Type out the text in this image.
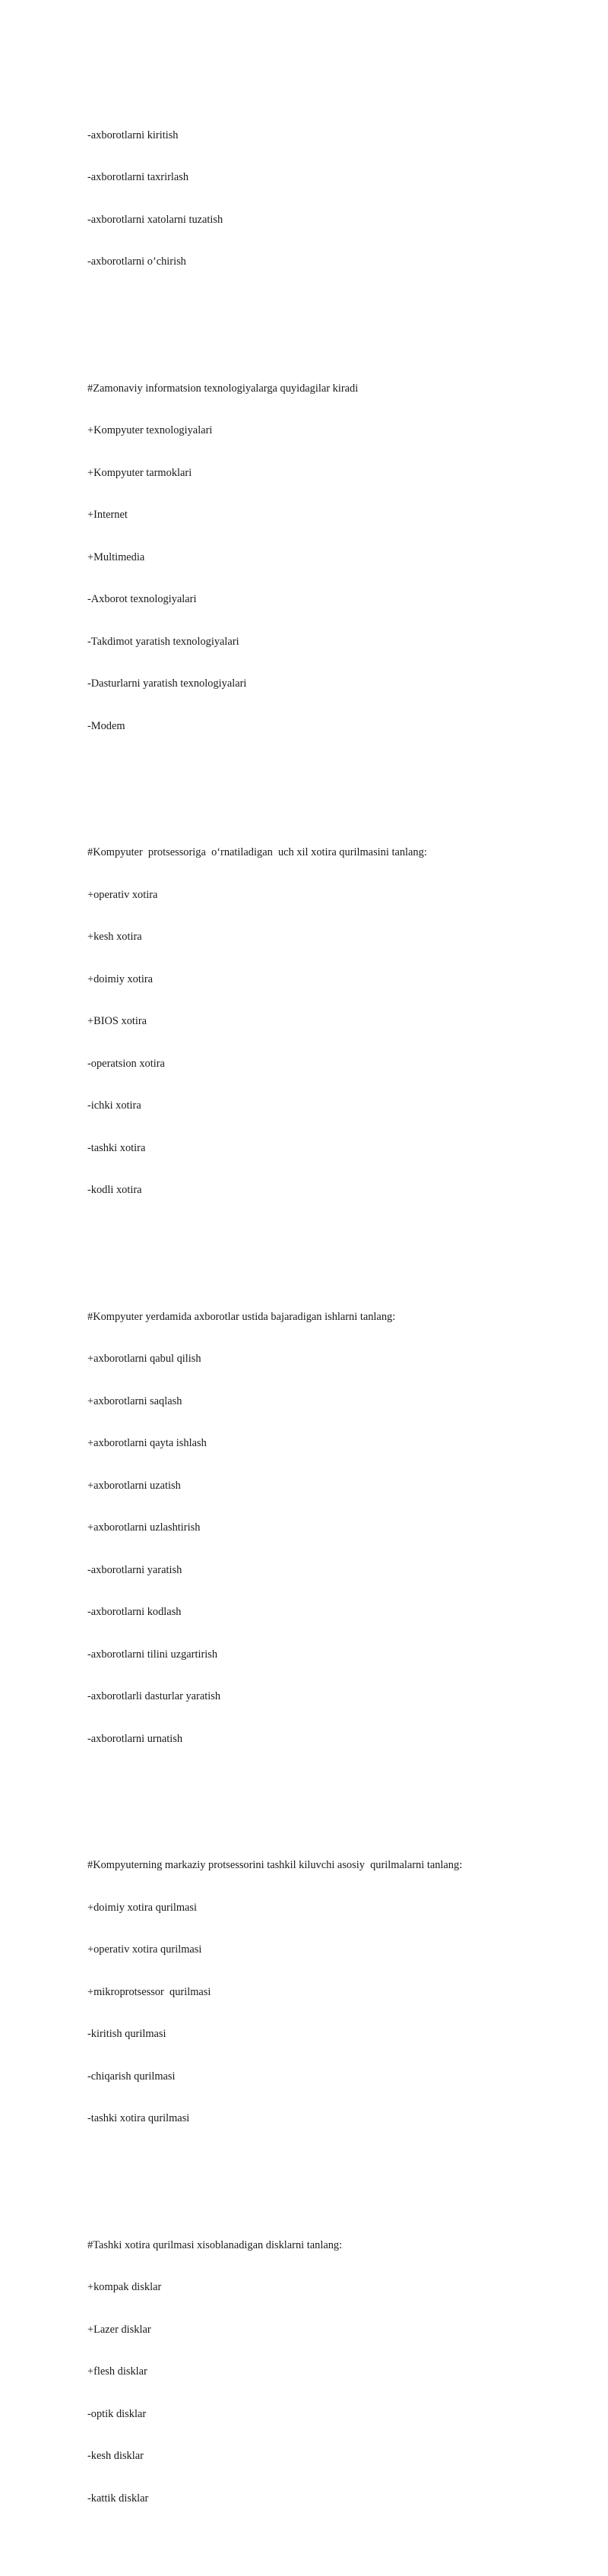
-axborotlarni kiritish

-axborotlarni taxrirlash

-axborotlarni xatolarni tuzatish

-axborotlarni o’chirish

#Zamonaviy informatsion texnologiyalarga quyidagilar kiradi

+Kompyuter texnologiyalari

+Kompyuter tarmoklari

+Internet

+Multimedia

-Axborot texnologiyalari

-Takdimot yaratish texnologiyalari

-Dasturlarni yaratish texnologiyalari

-Modem

#Kompyuter  protsessoriga  o‘rnatiladigan  uch xil xotira qurilmasini tanlang:

+operativ xotira

+kesh xotira

+doimiy xotira

+BIOS xotira

-operatsion xotira

-ichki xotira

-tashki xotira

-kodli xotira

#Kompyuter yerdamida axborotlar ustida bajaradigan ishlarni tanlang:

+axborotlarni qabul qilish

+axborotlarni saqlash

+axborotlarni qayta ishlash

+axborotlarni uzatish

+axborotlarni uzlashtirish

-axborotlarni yaratish

-axborotlarni kodlash

-axborotlarni tilini uzgartirish

-axborotlarli dasturlar yaratish

-axborotlarni urnatish

#Kompyuterning markaziy protsessorini tashkil kiluvchi asosiy  qurilmalarni tanlang:

+doimiy xotira qurilmasi

+operativ xotira qurilmasi

+mikroprotsessor  qurilmasi

-kiritish qurilmasi

-chiqarish qurilmasi

-tashki xotira qurilmasi

#Tashki xotira qurilmasi xisoblanadigan disklarni tanlang:

+kompak disklar

+Lazer disklar

+flesh disklar

-optik disklar

-kesh disklar

-kattik disklar
